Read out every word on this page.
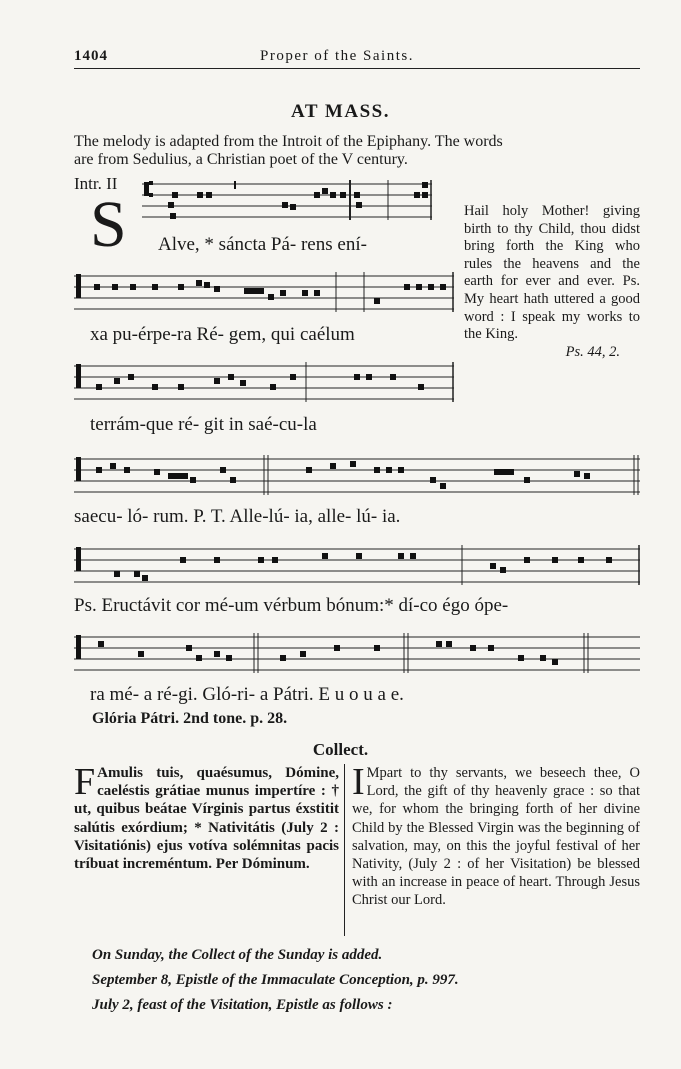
1404	Proper of the Saints.
AT MASS.
The melody is adapted from the Introit of the Epiphany. The words
are from Sedulius, a Christian poet of the V century.
Intr. II
S Alve, * sáncta Pá- rens ení-
xa pu-érpe-ra Ré- gem, qui caélum
terrám-que ré- git in saé-cu-la
Hail holy Mother! giving birth to thy Child, thou didst bring forth the King who rules the heavens and the earth for ever and ever. Ps. My heart hath uttered a good word : I speak my works to the King.
Ps. 44, 2.
saecu- ló- rum. P. T. Alle-lú- ia, alle- lú- ia.
Ps. Eructávit cor mé-um vérbum bónum:* dí-co égo ópe-
ra mé- a ré-gi. Gló-ri- a Pátri. E u o u a e.
Glória Pátri. 2nd tone. p. 28.
Collect.
F Amulis tuis, quaésumus, Dómine, caeléstis grátiae munus impertíre : † ut, quibus beátae Vírginis partus éxstitit salútis exórdium; * Nativitátis (July 2 : Visitatiónis) ejus votíva solémnitas pacis tríbuat increméntum. Per Dóminum.
I Mpart to thy servants, we beseech thee, O Lord, the gift of thy heavenly grace : so that we, for whom the bringing forth of her divine Child by the Blessed Virgin was the beginning of salvation, may, on this the joyful festival of her Nativity, (July 2 : of her Visitation) be blessed with an increase in peace of heart. Through Jesus Christ our Lord.
On Sunday, the Collect of the Sunday is added.
September 8, Epistle of the Immaculate Conception, p. 997.
July 2, feast of the Visitation, Epistle as follows :
